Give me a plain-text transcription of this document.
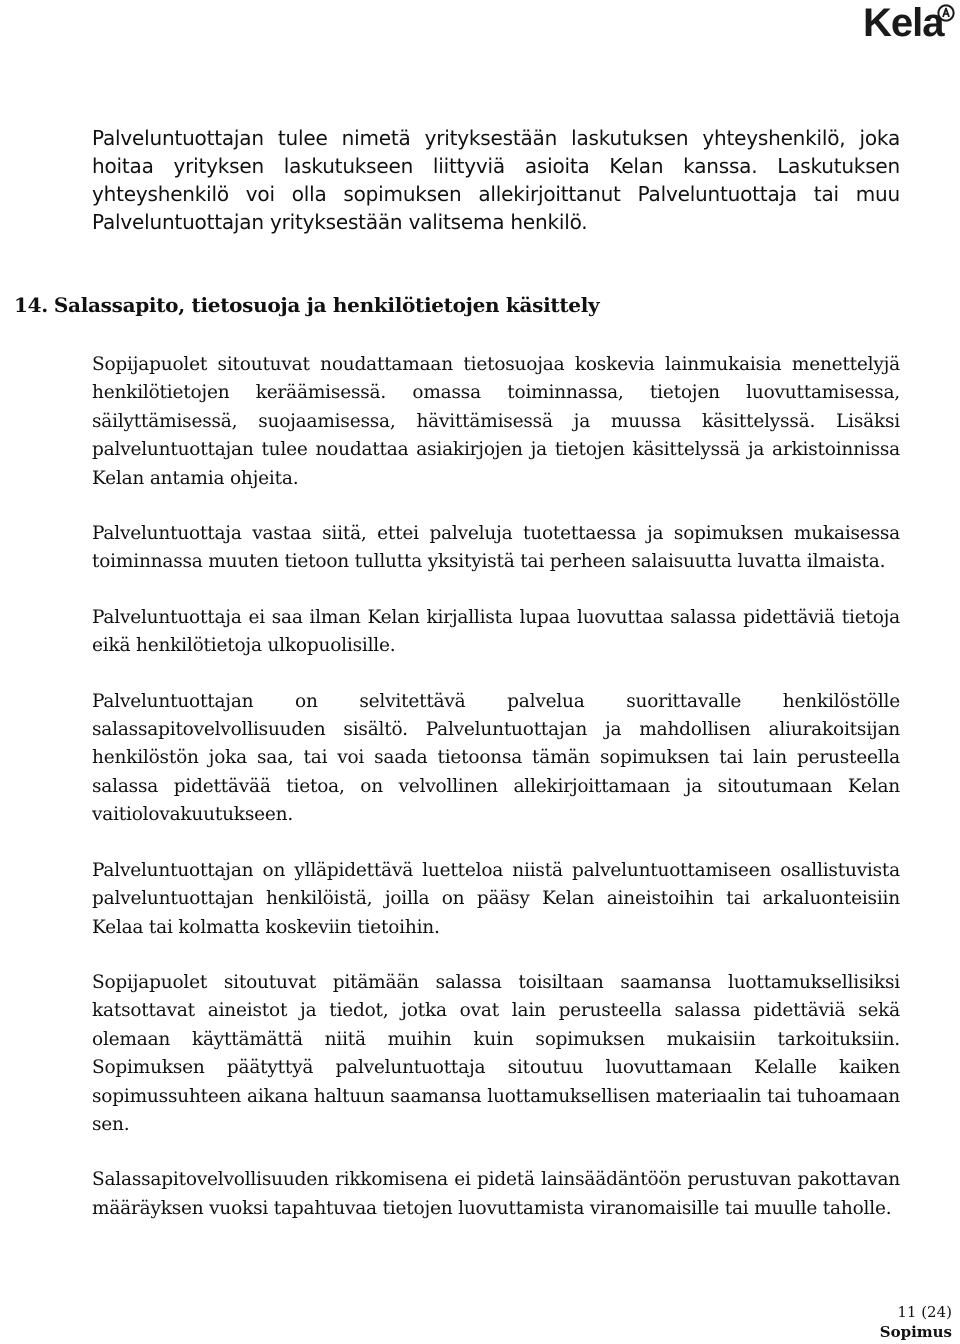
Kela

Palveluntuottajan tulee nimetä yrityksestään laskutuksen yhteyshenkilö, joka hoitaa yrityksen laskutukseen liittyviä asioita Kelan kanssa. Laskutuksen yhteyshenkilö voi olla sopimuksen allekirjoittanut Palveluntuottaja tai muu Palveluntuottajan yrityksestään valitsema henkilö.

14. Salassapito, tietosuoja ja henkilötietojen käsittely

Sopijapuolet sitoutuvat noudattamaan tietosuojaa koskevia lainmukaisia menettelyjä henkilötietojen keräämisessä. omassa toiminnassa, tietojen luovuttamisessa, säilyttämisessä, suojaamisessa, hävittämisessä ja muussa käsittelyssä. Lisäksi palveluntuottajan tulee noudattaa asiakirjojen ja tietojen käsittelyssä ja arkistoinnissa Kelan antamia ohjeita.

Palveluntuottaja vastaa siitä, ettei palveluja tuotettaessa ja sopimuksen mukaisessa toiminnassa muuten tietoon tullutta yksityistä tai perheen salaisuutta luvatta ilmaista.

Palveluntuottaja ei saa ilman Kelan kirjallista lupaa luovuttaa salassa pidettäviä tietoja eikä henkilötietoja ulkopuolisille.

Palveluntuottajan on selvitettävä palvelua suorittavalle henkilöstölle salassapitovelvollisuuden sisältö. Palveluntuottajan ja mahdollisen aliurakoitsijan henkilöstön joka saa, tai voi saada tietoonsa tämän sopimuksen tai lain perusteella salassa pidettävää tietoa, on velvollinen allekirjoittamaan ja sitoutumaan Kelan vaitiolovakuutukseen.

Palveluntuottajan on ylläpidettävä luetteloa niistä palveluntuottamiseen osallistuvista palveluntuottajan henkilöistä, joilla on pääsy Kelan aineistoihin tai arkaluonteisiin Kelaa tai kolmatta koskeviin tietoihin.

Sopijapuolet sitoutuvat pitämään salassa toisiltaan saamansa luottamuksellisiksi katsottavat aineistot ja tiedot, jotka ovat lain perusteella salassa pidettäviä sekä olemaan käyttämättä niitä muihin kuin sopimuksen mukaisiin tarkoituksiin. Sopimuksen päätyttyä palveluntuottaja sitoutuu luovuttamaan Kelalle kaiken sopimussuhteen aikana haltuun saamansa luottamuksellisen materiaalin tai tuhoamaan sen.

Salassapitovelvollisuuden rikkomisena ei pidetä lainsäädäntöön perustuvan pakottavan määräyksen vuoksi tapahtuvaa tietojen luovuttamista viranomaisille tai muulle taholle.

11 (24)
Sopimus
